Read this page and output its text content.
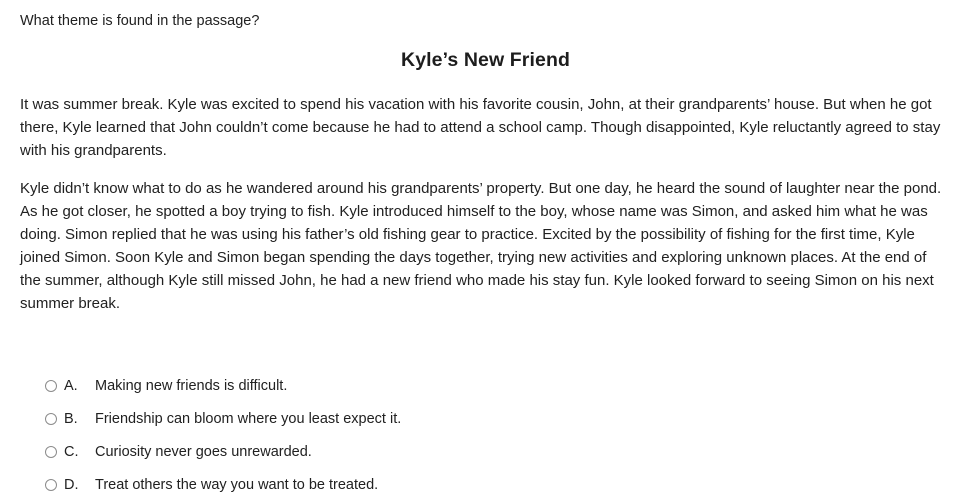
What theme is found in the passage?
Kyle’s New Friend

It was summer break. Kyle was excited to spend his vacation with his favorite cousin, John, at their grandparents’ house. But when he got there, Kyle learned that John couldn’t come because he had to attend a school camp. Though disappointed, Kyle reluctantly agreed to stay with his grandparents.

Kyle didn’t know what to do as he wandered around his grandparents’ property. But one day, he heard the sound of laughter near the pond. As he got closer, he spotted a boy trying to fish. Kyle introduced himself to the boy, whose name was Simon, and asked him what he was doing. Simon replied that he was using his father’s old fishing gear to practice. Excited by the possibility of fishing for the first time, Kyle joined Simon. Soon Kyle and Simon began spending the days together, trying new activities and exploring unknown places. At the end of the summer, although Kyle still missed John, he had a new friend who made his stay fun. Kyle looked forward to seeing Simon on his next summer break.

A.	Making new friends is difficult.
B.	Friendship can bloom where you least expect it.
C.	Curiosity never goes unrewarded.
D.	Treat others the way you want to be treated.
